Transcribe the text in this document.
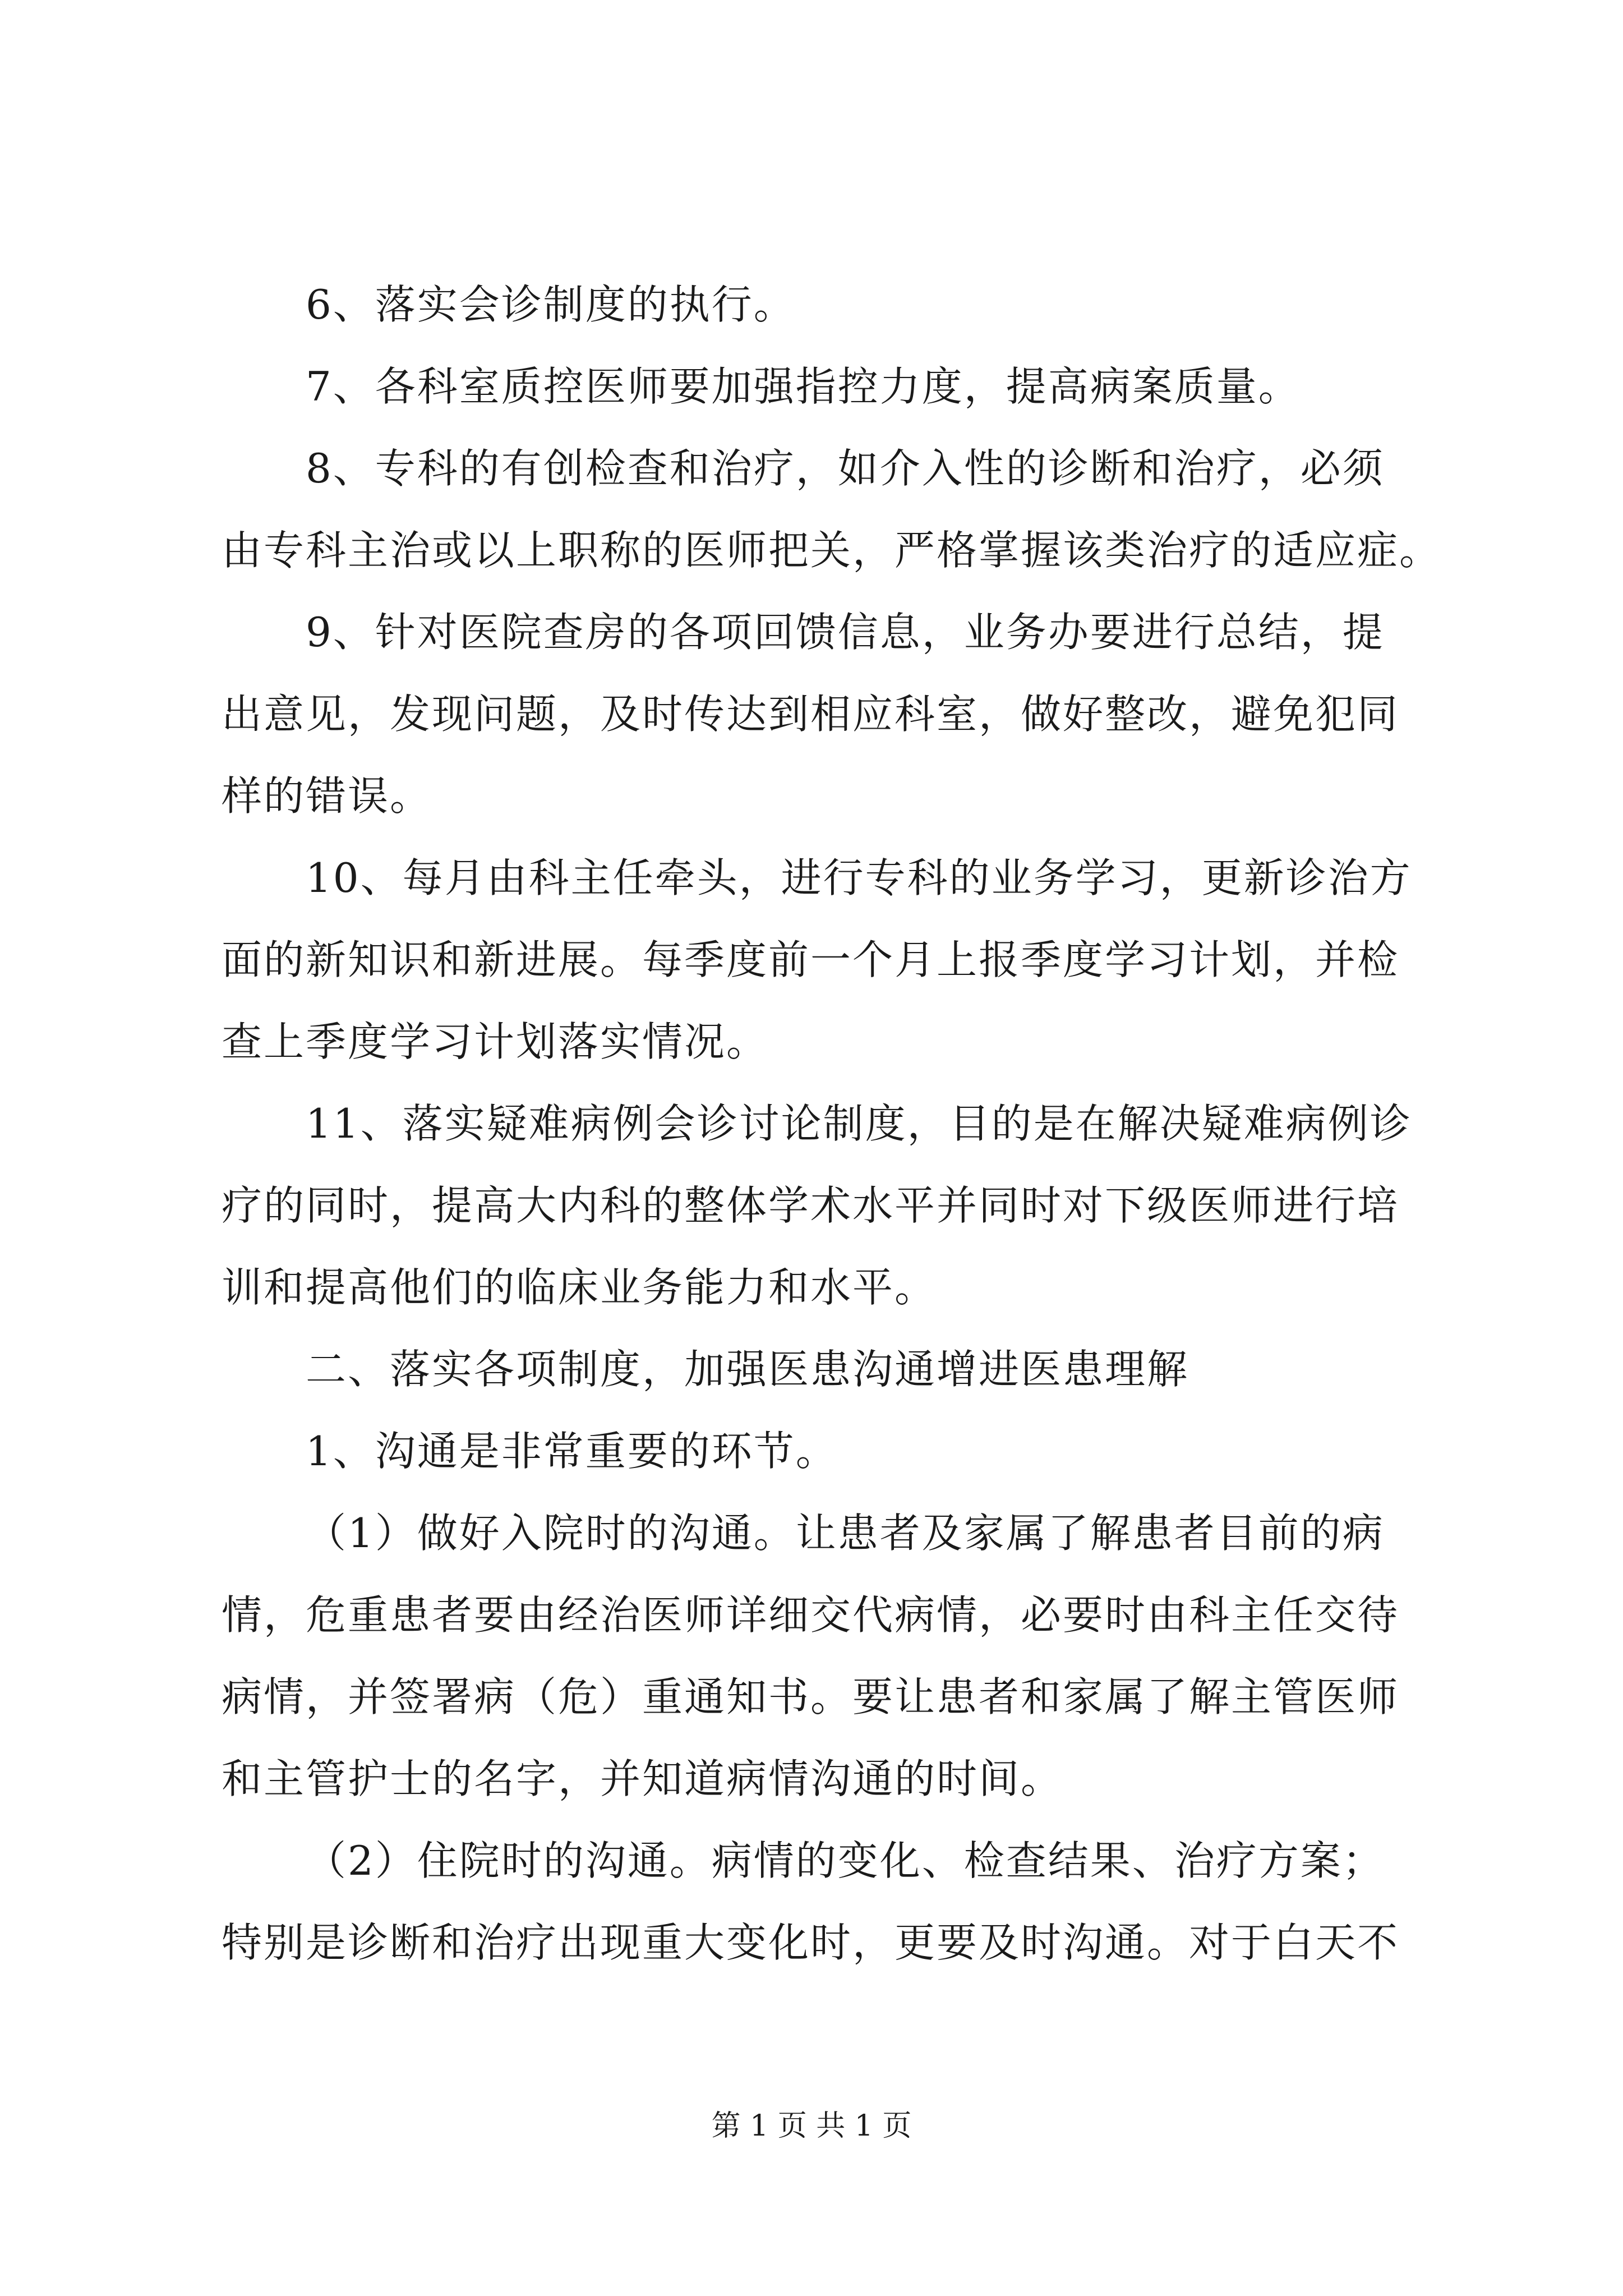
6、落实会诊制度的执行。
7、各科室质控医师要加强指控力度，提高病案质量。
8、专科的有创检查和治疗，如介入性的诊断和治疗，必须
由专科主治或以上职称的医师把关，严格掌握该类治疗的适应症。
9、针对医院查房的各项回馈信息，业务办要进行总结，提
出意见，发现问题，及时传达到相应科室，做好整改，避免犯同
样的错误。
10、每月由科主任牵头，进行专科的业务学习，更新诊治方
面的新知识和新进展。每季度前一个月上报季度学习计划，并检
查上季度学习计划落实情况。
11、落实疑难病例会诊讨论制度，目的是在解决疑难病例诊
疗的同时，提高大内科的整体学术水平并同时对下级医师进行培
训和提高他们的临床业务能力和水平。
二、落实各项制度，加强医患沟通增进医患理解
1、沟通是非常重要的环节。
（1）做好入院时的沟通。让患者及家属了解患者目前的病
情，危重患者要由经治医师详细交代病情，必要时由科主任交待
病情，并签署病（危）重通知书。要让患者和家属了解主管医师
和主管护士的名字，并知道病情沟通的时间。
（2）住院时的沟通。病情的变化、检查结果、治疗方案；
特别是诊断和治疗出现重大变化时，更要及时沟通。对于白天不
第 1 页 共 1 页
